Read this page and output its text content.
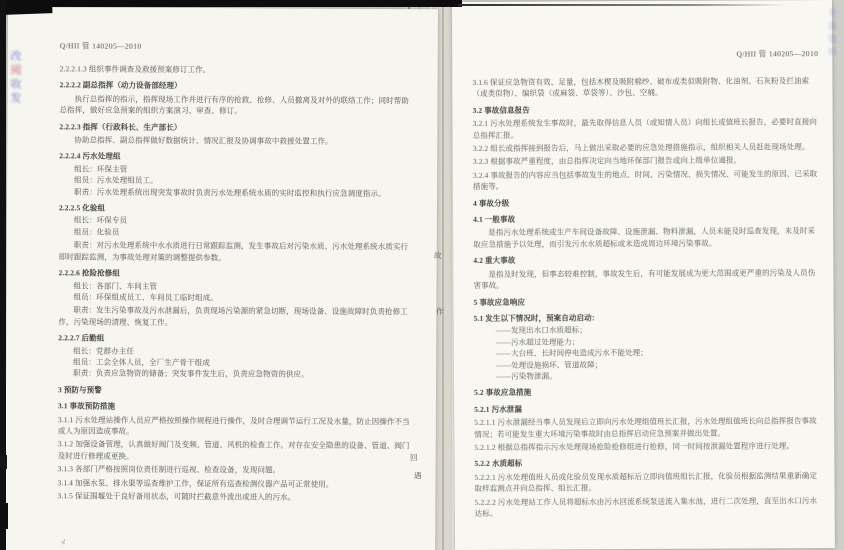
Q/HII 管 140205—2010
2.2.2.1.3 组织事件调查及救援预案修订工作。
2.2.2.2 副总指挥（动力设备部经理）
执行总指挥的指示，指挥现场工作并进行有序的抢救、抢修、人员撤离及对外的联络工作；同时帮助总指挥，做好应急预案的组织方案演习、审查、修订。
2.2.2.3 指挥（行政科长、生产部长）
协助总指挥、副总指挥做好数据统计、情况汇报及协调事故中救援处置工作。
2.2.2.4 污水处理组
组长：环保主管
组员：污水处理组员工。
职责：污水处理系统出现突发事故时负责污水处理系统水质的实时监控和执行应急调度指示。
2.2.2.5 化验组
组长：环保专员
组员：化验员
职责：对污水处理系统中水水质进行日常跟踪监测，发生事故后对污染水质、污水处理系统水质实行即时跟踪监测，为事故处理对策的调整提供参数。
2.2.2.6 抢险抢修组
组长：各部门、车间主管
组员：环保组成员工、车间员工临时组成。
职责：发生污染事故及污水泄漏后，负责现场污染源的紧急切断，现场设备、设施故障时负责抢修工作，污染现场的清理、恢复工作。
2.2.2.7 后勤组
组长：党群办主任
组员：工会全体人员，全厂生产骨干组成
职责：负责应急物资的储备；突发事件发生后，负责应急物资的供应。
3 预防与预警
3.1 事故预防措施
3.1.1 污水处理站操作人员应严格按照操作规程进行操作，及时合理调节运行工况及水量，防止因操作不当或人为原因造成事故。
3.1.2 加强设备管理，认真做好阀门及变频、管道、风机的检查工作。对存在安全隐患的设备、管道、阀门及时进行修理或更换。
3.1.3 各部门严格按照岗位责任制进行巡视、检查设备，发现问题。
3.1.4 加强水泵、排水渠等巡查维护工作，保证所有巡查检测仪器产品可正常使用。
3.1.5 保证围堰处于良好备用状态，可随时拦截意外流出或进入的污水。
4
Q/HII 管 140205—2010
3.1.6 保证应急物资有效、足量，包括木楔及吸附棉纱、破布或类似吸附物、化油剂、石灰粉及拦油索（或类似物）、编织袋（或麻袋、草袋等）、沙包、空桶。
3.2 事故信息报告
3.2.1 污水处理系统发生事故时，最先取得信息人员（或知情人员）向组长或值班长报告，必要时直接向总指挥汇报。
3.2.2 组长或指挥接到报告后，马上做出采取必要的应急处理措施指示，组织相关人员赶赴现场处理。
3.2.3 根据事故严重程度，由总指挥决定向当地环保部门报告或向上级单位通报。
3.2.4 事故报告的内容应当包括事故发生的地点、时间、污染情况、损失情况、可能发生的原因、已采取措施等。
4 事故分级
4.1 一般事故
是指污水处理系统或生产车间设备故障、设施泄漏、物料泄漏，人员未能及时巡查发现，未及时采取应急措施予以处理，而引发污水水质超标或未造成周边环境污染事故。
4.2 重大事故
是指及时发现，但事态较难控制，事故发生后，有可能发展成为更大范围或更严重的污染及人员伤害事故。
5 事故应急响应
5.1 发生以下情况时，预案自动启动：
——发现出水口水质超标；
——污水超过处理能力；
——大台班、长时间停电造成污水不能处理；
——处理设施损坏、管道故障；
——污染物泄漏。
5.2 事故应急措施
5.2.1 污水泄漏
5.2.1.1 污水泄漏经当事人员发现后立即向污水处理组值班长汇报，污水处理组值班长向总指挥报告事故情况；若可能发生重大环境污染事故时由总指挥启动应急预案并做出处置。
5.2.1.2 根据总指挥指示污水处理现场抢险抢修组进行抢修，同一时间按泄漏处置程序进行处理。
5.2.2 水质超标
5.2.2.1 污水处理值班人员或化验员发现水质超标后立即向值班组长汇报，化验员根据监测结果重新确定取样监测点并向总指挥、组长汇报。
5.2.2.2 污水处理站工作人员将超标水由污水回流系统泵送流入集水池，进行二次处理，直至出水口污水达标。
故
作
回
遇
改阅收发
专连资培
